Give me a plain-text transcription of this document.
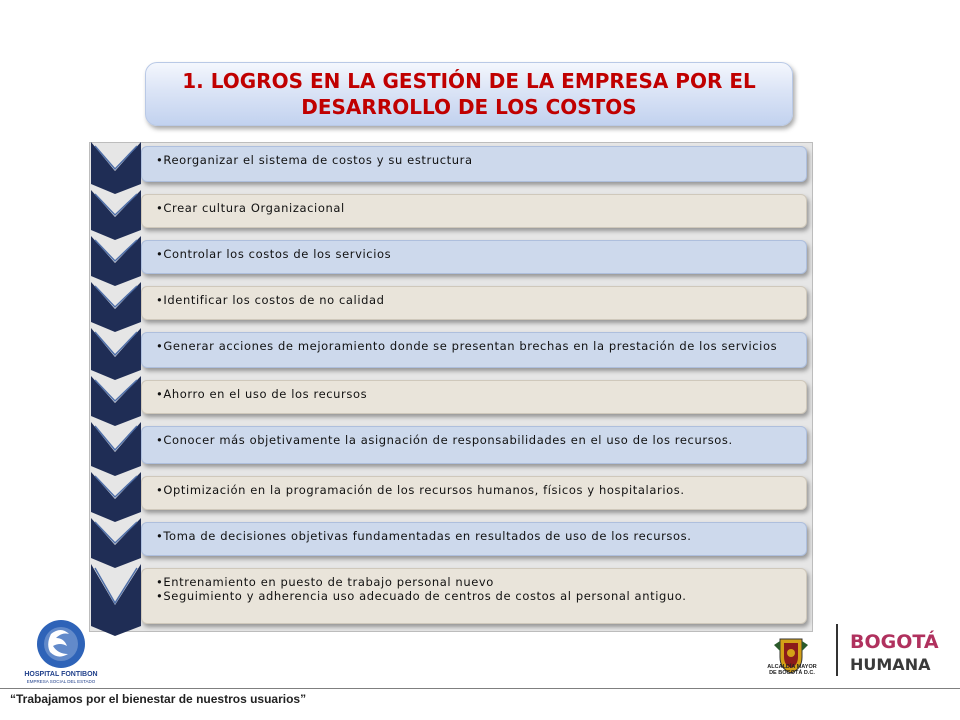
1. LOGROS EN LA GESTIÓN DE LA EMPRESA POR EL DESARROLLO DE LOS COSTOS

•Reorganizar el sistema de costos y su estructura

•Crear cultura Organizacional

•Controlar los costos de los servicios

•Identificar los costos de no calidad

•Generar acciones de mejoramiento donde se presentan brechas en la prestación de los servicios

•Ahorro en el uso de los recursos

•Conocer más objetivamente la asignación de responsabilidades en el uso de los recursos.

•Optimización en la programación de los recursos humanos, físicos y hospitalarios.

•Toma de decisiones objetivas fundamentadas en resultados de uso de los recursos.

•Entrenamiento en puesto de trabajo personal nuevo

•Seguimiento y adherencia uso adecuado de centros de costos al personal antiguo.

HOSPITAL FONTIBON
EMPRESA SOCIAL DEL ESTADO
ALCALDÍA MAYOR
DE BOGOTÁ D.C.
BOGOTÁ
HUMANA
“Trabajamos por el bienestar de nuestros usuarios”
